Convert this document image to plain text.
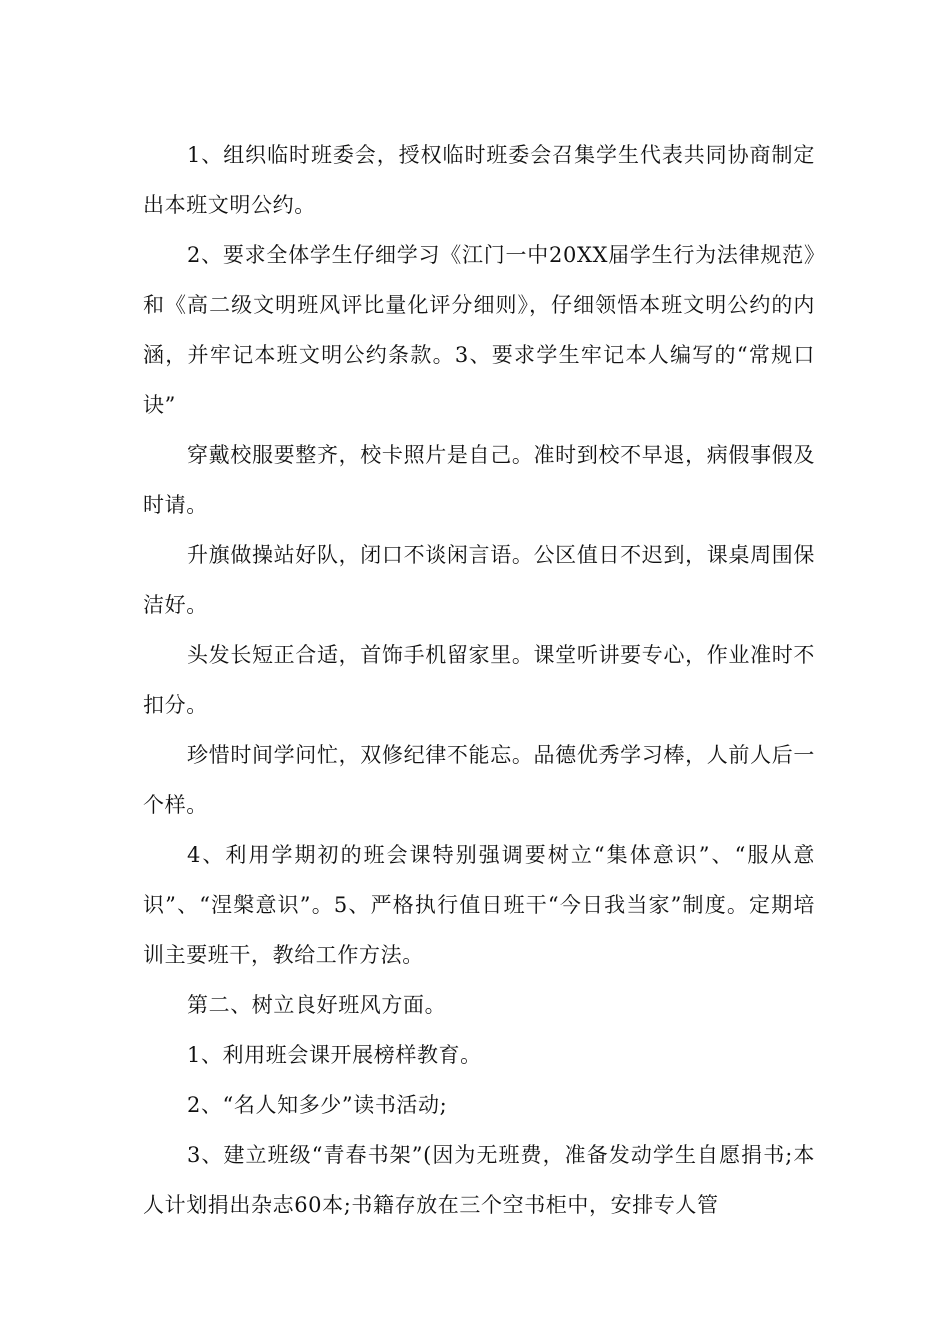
1、组织临时班委会，授权临时班委会召集学生代表共同协商制定出本班文明公约。

2、要求全体学生仔细学习《江门一中20XX届学生行为法律规范》和《高二级文明班风评比量化评分细则》，仔细领悟本班文明公约的内涵，并牢记本班文明公约条款。3、要求学生牢记本人编写的“常规口诀”

穿戴校服要整齐，校卡照片是自己。准时到校不早退，病假事假及时请。

升旗做操站好队，闭口不谈闲言语。公区值日不迟到，课桌周围保洁好。

头发长短正合适，首饰手机留家里。课堂听讲要专心，作业准时不扣分。

珍惜时间学问忙，双修纪律不能忘。品德优秀学习棒，人前人后一个样。

4、利用学期初的班会课特别强调要树立“集体意识”、“服从意识”、“涅槃意识”。5、严格执行值日班干“今日我当家”制度。定期培训主要班干，教给工作方法。

第二、树立良好班风方面。

1、利用班会课开展榜样教育。

2、“名人知多少”读书活动;

3、建立班级“青春书架”(因为无班费，准备发动学生自愿捐书;本人计划捐出杂志60本;书籍存放在三个空书柜中，安排专人管
